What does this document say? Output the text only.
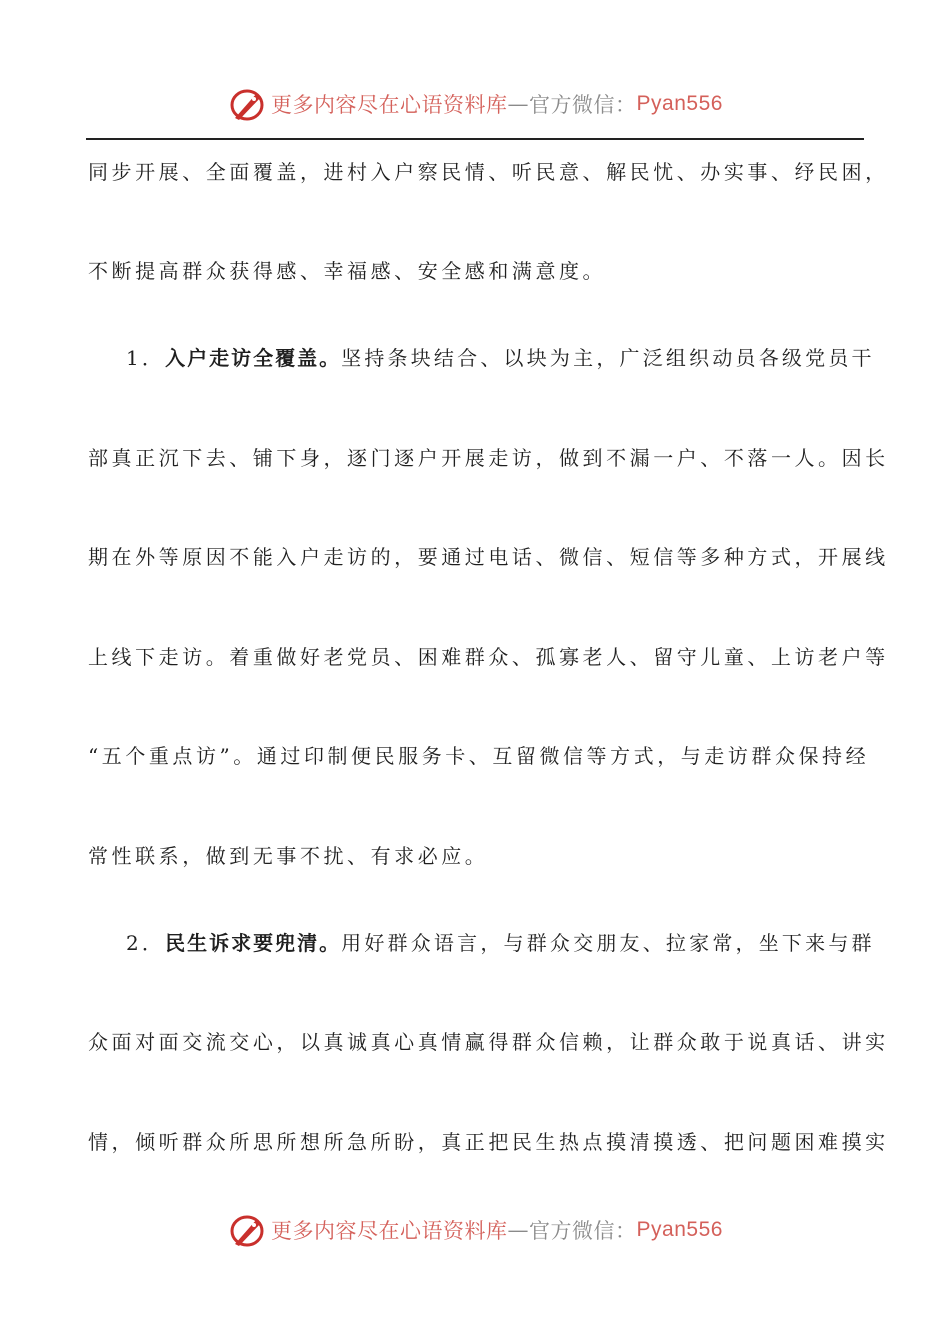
更多内容尽在心语资料库 — 官方微信： Pyan556
同步开展、全面覆盖，进村入户察民情、听民意、解民忧、办实事、纾民困，
不断提高群众获得感、幸福感、安全感和满意度。
1．入户走访全覆盖。坚持条块结合、以块为主，广泛组织动员各级党员干
部真正沉下去、铺下身，逐门逐户开展走访，做到不漏一户、不落一人。因长
期在外等原因不能入户走访的，要通过电话、微信、短信等多种方式，开展线
上线下走访。着重做好老党员、困难群众、孤寡老人、留守儿童、上访老户等
“五个重点访”。通过印制便民服务卡、互留微信等方式，与走访群众保持经
常性联系，做到无事不扰、有求必应。
2．民生诉求要兜清。用好群众语言，与群众交朋友、拉家常，坐下来与群
众面对面交流交心，以真诚真心真情赢得群众信赖，让群众敢于说真话、讲实
情，倾听群众所思所想所急所盼，真正把民生热点摸清摸透、把问题困难摸实
更多内容尽在心语资料库 — 官方微信： Pyan556
